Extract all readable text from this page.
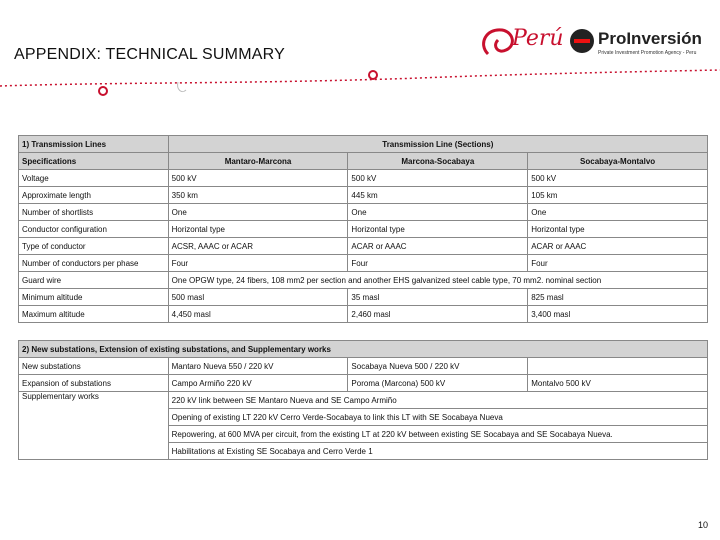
APPENDIX: TECHNICAL SUMMARY
Perú ProInversión
Private Investment Promotion Agency - Peru
1) Transmission Lines	Transmission Line (Sections)		
Specifications	Mantaro-Marcona	Marcona-Socabaya	Socabaya-Montalvo
Voltage	500 kV	500 kV	500 kV
Approximate length	350 km	445 km	105 km
Number of shortlists	One	One	One
Conductor configuration	Horizontal type	Horizontal type	Horizontal type
Type of conductor	ACSR, AAAC or ACAR	ACAR or AAAC	ACAR or AAAC
Number of conductors per phase	Four	Four	Four
Guard wire	One OPGW type, 24 fibers, 108 mm2 per section and another EHS galvanized steel cable type, 70 mm2. nominal section		
Minimum altitude	500 masl	35 masl	825 masl
Maximum altitude	4,450 masl	2,460 masl	3,400 masl
2) New substations, Extension of existing substations, and Supplementary works			
New substations	Mantaro Nueva 550 / 220 kV	Socabaya Nueva 500 / 220 kV	
Expansion of substations	Campo Armiño 220 kV	Poroma (Marcona) 500 kV	Montalvo 500 kV
Supplementary works	220 kV link between SE Mantaro Nueva and SE Campo Armiño		
	Opening of existing LT 220 kV Cerro Verde-Socabaya to link this LT with SE Socabaya Nueva		
	Repowering, at 600 MVA per circuit, from the existing LT at 220 kV between existing SE Socabaya and SE Socabaya Nueva.		
	Habilitations at Existing SE Socabaya and Cerro Verde 1		
10
